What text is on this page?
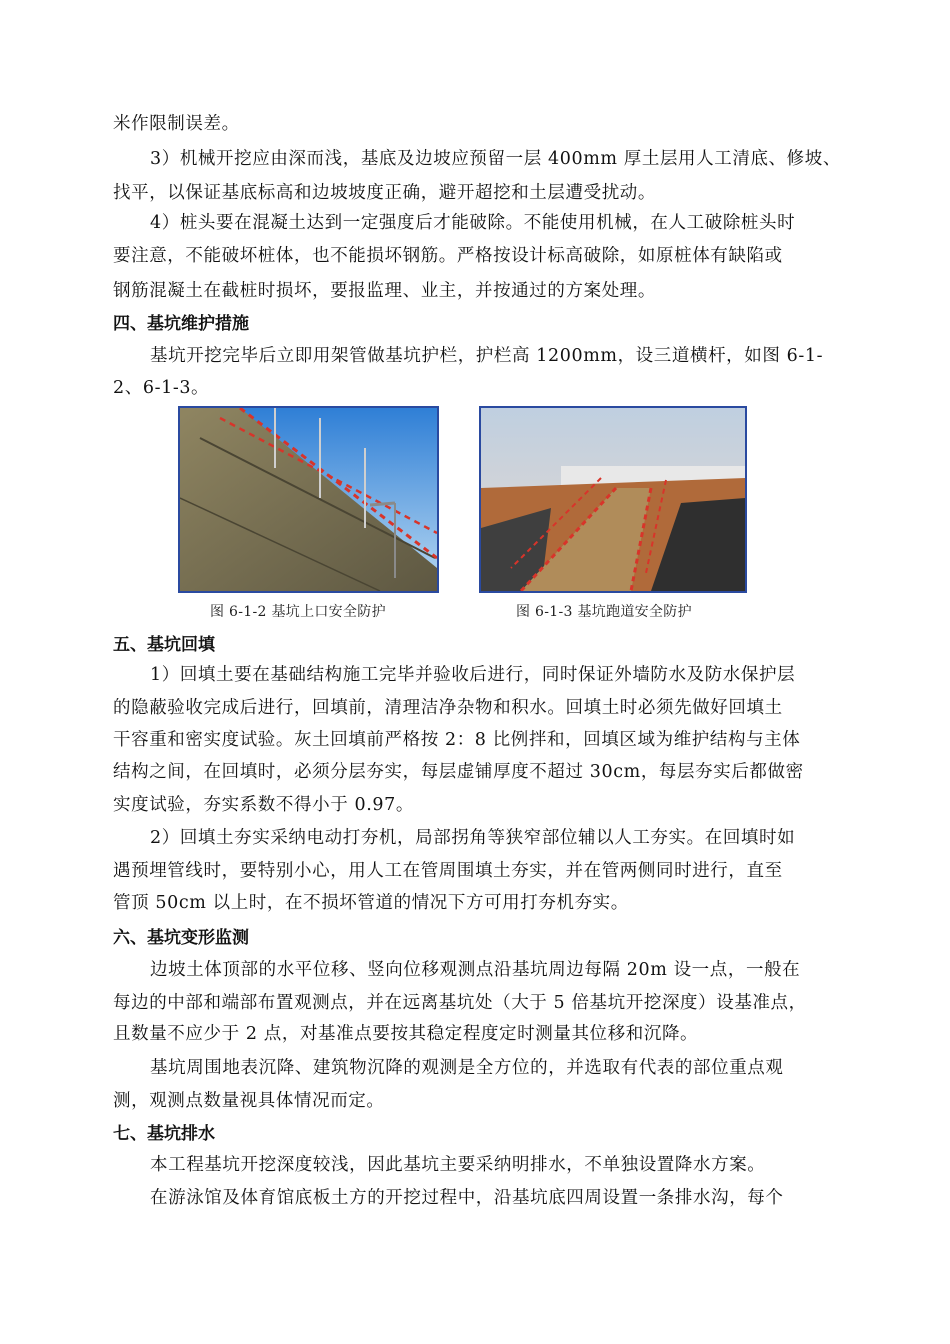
米作限制误差。
3）机械开挖应由深而浅，基底及边坡应预留一层 400mm 厚土层用人工清底、修坡、
找平，以保证基底标高和边坡坡度正确，避开超挖和土层遭受扰动。
4）桩头要在混凝土达到一定强度后才能破除。不能使用机械，在人工破除桩头时
要注意，不能破坏桩体，也不能损坏钢筋。严格按设计标高破除，如原桩体有缺陷或
钢筋混凝土在截桩时损坏，要报监理、业主，并按通过的方案处理。
四、基坑维护措施
基坑开挖完毕后立即用架管做基坑护栏，护栏高 1200mm，设三道横杆，如图 6-1-
2、6-1-3。
图 6-1-2 基坑上口安全防护	图 6-1-3 基坑跑道安全防护
五、基坑回填
1）回填土要在基础结构施工完毕并验收后进行，同时保证外墙防水及防水保护层
的隐蔽验收完成后进行，回填前，清理洁净杂物和积水。回填土时必须先做好回填土
干容重和密实度试验。灰土回填前严格按 2：8 比例拌和，回填区域为维护结构与主体
结构之间，在回填时，必须分层夯实，每层虚铺厚度不超过 30cm，每层夯实后都做密
实度试验，夯实系数不得小于 0.97。
2）回填土夯实采纳电动打夯机，局部拐角等狭窄部位辅以人工夯实。在回填时如
遇预埋管线时，要特别小心，用人工在管周围填土夯实，并在管两侧同时进行，直至
管顶 50cm 以上时，在不损坏管道的情况下方可用打夯机夯实。
六、基坑变形监测
边坡土体顶部的水平位移、竖向位移观测点沿基坑周边每隔 20m 设一点，一般在
每边的中部和端部布置观测点，并在远离基坑处（大于 5 倍基坑开挖深度）设基准点，
且数量不应少于 2 点，对基准点要按其稳定程度定时测量其位移和沉降。
基坑周围地表沉降、建筑物沉降的观测是全方位的，并选取有代表的部位重点观
测，观测点数量视具体情况而定。
七、基坑排水
本工程基坑开挖深度较浅，因此基坑主要采纳明排水，不单独设置降水方案。
在游泳馆及体育馆底板土方的开挖过程中，沿基坑底四周设置一条排水沟，每个
